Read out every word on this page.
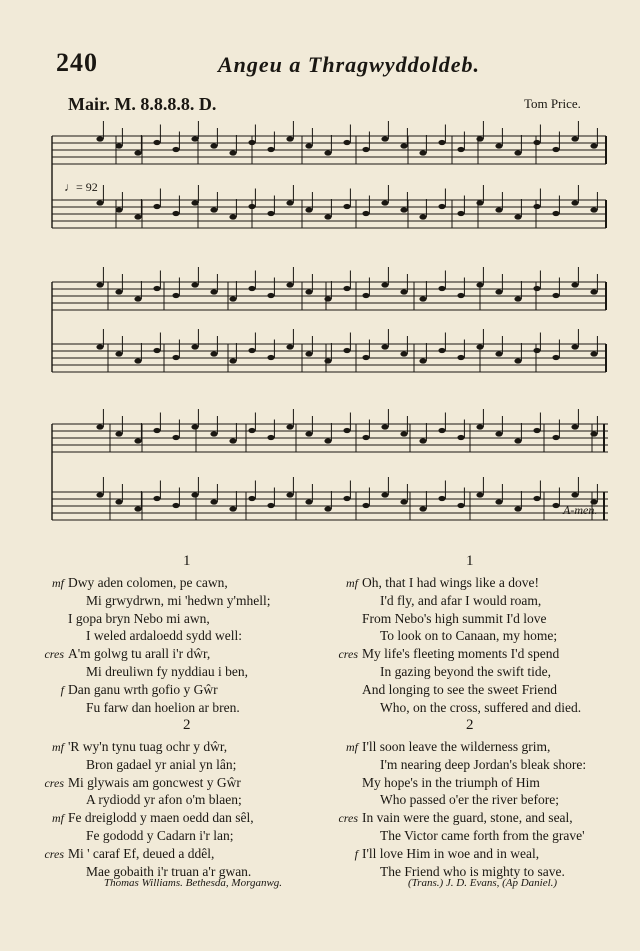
240	Angeu a Thragwyddoldeb.
Mair. M. 8.8.8.8. D.	Tom Price.
♩= 92
A-men.
1
mf Dwy aden colomen, pe cawn,
Mi grwydrwn, mi 'hedwn y'mhell;
I gopa bryn Nebo mi awn,
I weled ardaloedd sydd well:
cres A'm golwg tu arall i'r dŵr,
Mi dreuliwn fy nyddiau i ben,
f Dan ganu wrth gofio y Gŵr
Fu farw dan hoelion ar bren.
2
mf 'R wy'n tynu tuag ochr y dŵr,
Bron gadael yr anial yn lân;
cres Mi glywais am goncwest y Gŵr
A rydiodd yr afon o'm blaen;
mf Fe dreiglodd y maen oedd dan sêl,
Fe gododd y Cadarn i'r lan;
cres Mi ' caraf Ef, deued a ddêl,
Mae gobaith i'r truan a'r gwan.
Thomas Williams. Bethesda, Morganwg.
1
mf Oh, that I had wings like a dove!
I'd fly, and afar I would roam,
From Nebo's high summit I'd love
To look on to Canaan, my home;
cres My life's fleeting moments I'd spend
In gazing beyond the swift tide,
And longing to see the sweet Friend
Who, on the cross, suffered and died.
2
mf I'll soon leave the wilderness grim,
I'm nearing deep Jordan's bleak shore:
My hope's in the triumph of Him
Who passed o'er the river before;
cres In vain were the guard, stone, and seal,
The Victor came forth from the grave'
f I'll love Him in woe and in weal,
The Friend who is mighty to save.
(Trans.) J. D. Evans, (Ap Daniel.)
